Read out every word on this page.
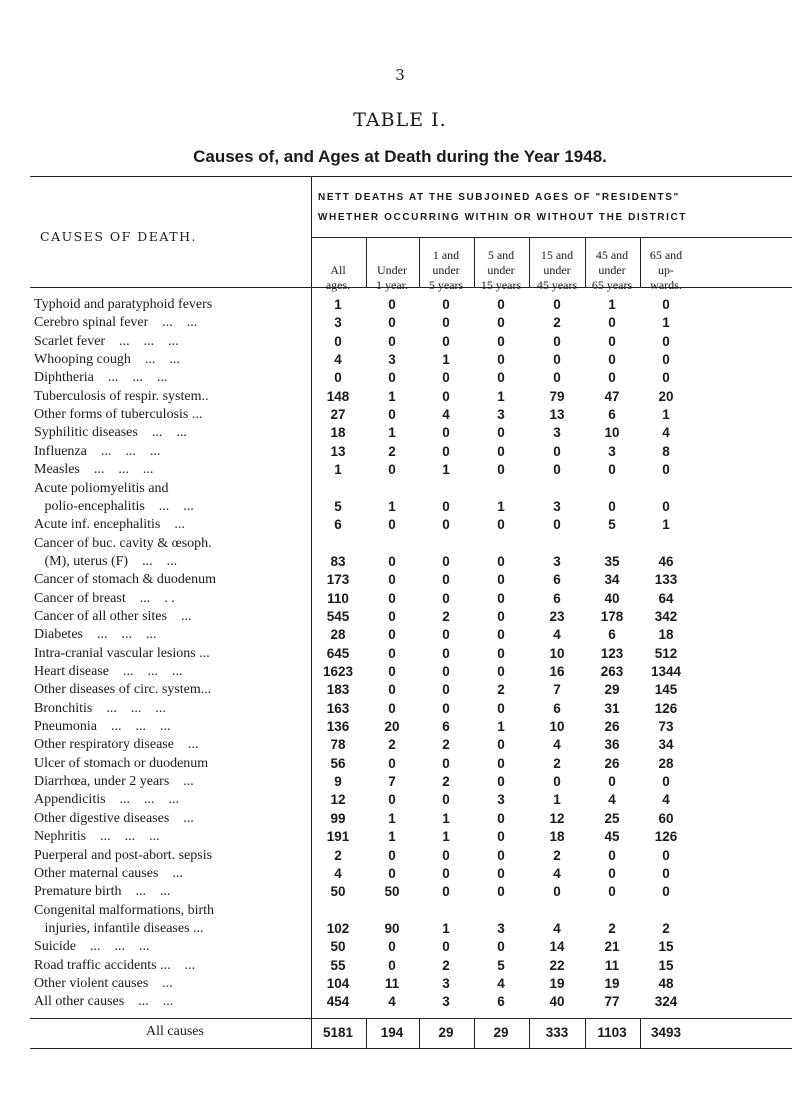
3
TABLE I.
Causes of, and Ages at Death during the Year 1948.
CAUSES OF DEATH.
NETT DEATHS AT THE SUBJOINED AGES OF "RESIDENTS"
WHETHER OCCURRING WITHIN OR WITHOUT THE DISTRICT

All
ages.

Under
1 year.
1 and
under
5 years
5 and
under
15 years
15 and
under
45 years
45 and
under
65 years
65 and
up-
wards.
Typhoid and paratyphoid fevers	1	0	0	0	0	1	0
Cerebro spinal fever    ...    ...	3	0	0	0	2	0	1
Scarlet fever    ...    ...    ...	0	0	0	0	0	0	0
Whooping cough    ...    ...	4	3	1	0	0	0	0
Diphtheria    ...    ...    ...	0	0	0	0	0	0	0
Tuberculosis of respir. system..	148	1	0	1	79	47	20
Other forms of tuberculosis ...	27	0	4	3	13	6	1
Syphilitic diseases    ...    ...	18	1	0	0	3	10	4
Influenza    ...    ...    ...	13	2	0	0	0	3	8
Measles    ...    ...    ...	1	0	1	0	0	0	0
Acute poliomyelitis and
polio-encephalitis    ...    ...	5	1	0	1	3	0	0
Acute inf. encephalitis    ...	6	0	0	0	0	5	1
Cancer of buc. cavity & œsoph.
(M), uterus (F)    ...    ...	83	0	0	0	3	35	46
Cancer of stomach & duodenum	173	0	0	0	6	34	133
Cancer of breast    ...    . .	110	0	0	0	6	40	64
Cancer of all other sites    ...	545	0	2	0	23	178	342
Diabetes    ...    ...    ...	28	0	0	0	4	6	18
Intra-cranial vascular lesions ...	645	0	0	0	10	123	512
Heart disease    ...    ...    ...	1623	0	0	0	16	263	1344
Other diseases of circ. system...	183	0	0	2	7	29	145
Bronchitis    ...    ...    ...	163	0	0	0	6	31	126
Pneumonia    ...    ...    ...	136	20	6	1	10	26	73
Other respiratory disease    ...	78	2	2	0	4	36	34
Ulcer of stomach or duodenum	56	0	0	0	2	26	28
Diarrhœa, under 2 years    ...	9	7	2	0	0	0	0
Appendicitis    ...    ...    ...	12	0	0	3	1	4	4
Other digestive diseases    ...	99	1	1	0	12	25	60
Nephritis    ...    ...    ...	191	1	1	0	18	45	126
Puerperal and post-abort. sepsis	2	0	0	0	2	0	0
Other maternal causes    ...	4	0	0	0	4	0	0
Premature birth    ...    ...	50	50	0	0	0	0	0
Congenital malformations, birth
injuries, infantile diseases ...	102	90	1	3	4	2	2
Suicide    ...    ...    ...	50	0	0	0	14	21	15
Road traffic accidents ...    ...	55	0	2	5	22	11	15
Other violent causes    ...	104	11	3	4	19	19	48
All other causes    ...    ...	454	4	3	6	40	77	324
All causes	5181	194	29	29	333	1103	3493
